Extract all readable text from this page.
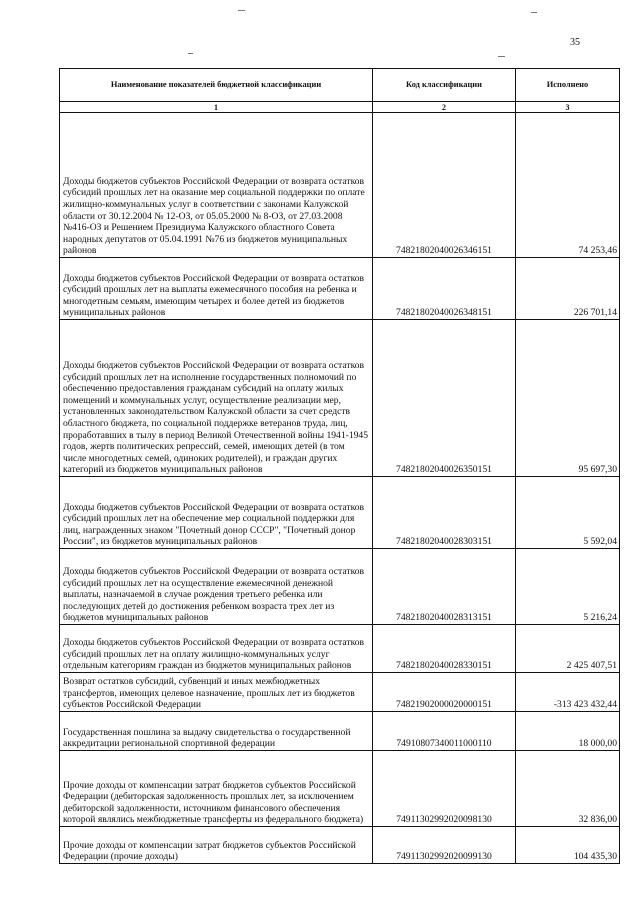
35
Наименование показателей бюджетной классификации	Код классификации	Исполнено
1	2	3
Доходы бюджетов субъектов Российской Федерации от возврата остатков субсидий прошлых лет на оказание мер социальной поддержки по оплате жилищно-коммунальных услуг в соответствии с законами Калужской области от 30.12.2004 № 12-ОЗ, от 05.05.2000 № 8-ОЗ, от 27.03.2008 №416-ОЗ и Решением Президиума Калужского областного Совета народных депутатов от 05.04.1991 №76 из бюджетов муниципальных районов	74821802040026346151	74 253,46
Доходы бюджетов субъектов Российской Федерации от возврата остатков субсидий прошлых лет на выплаты ежемесячного пособия на ребенка и многодетным семьям, имеющим четырех и более детей из бюджетов муниципальных районов	74821802040026348151	226 701,14
Доходы бюджетов субъектов Российской Федерации от возврата остатков субсидий прошлых лет на исполнение государственных полномочий по обеспечению предоставления гражданам субсидий на оплату жилых помещений и коммунальных услуг, осуществление реализации мер, установленных законодательством Калужской области за счет средств областного бюджета, по социальной поддержке ветеранов труда, лиц, проработавших в тылу в период Великой Отечественной войны 1941-1945 годов, жертв политических репрессий, семей, имеющих детей (в том числе многодетных семей, одиноких родителей), и граждан других категорий из бюджетов муниципальных районов	74821802040026350151	95 697,30
Доходы бюджетов субъектов Российской Федерации от возврата остатков субсидий прошлых лет на обеспечение мер социальной поддержки для лиц, награжденных знаком "Почетный донор СССР", "Почетный донор России", из бюджетов муниципальных районов	74821802040028303151	5 592,04
Доходы бюджетов субъектов Российской Федерации от возврата остатков субсидий прошлых лет на осуществление ежемесячной денежной выплаты, назначаемой в случае рождения третьего ребенка или последующих детей до достижения ребенком возраста трех лет из бюджетов муниципальных районов	74821802040028313151	5 216,24
Доходы бюджетов субъектов Российской Федерации от возврата остатков субсидий прошлых лет на оплату жилищно-коммунальных услуг отдельным категориям граждан из бюджетов муниципальных районов	74821802040028330151	2 425 407,51
Возврат остатков субсидий, субвенций и иных межбюджетных трансфертов, имеющих целевое назначение, прошлых лет из бюджетов субъектов Российской Федерации	74821902000020000151	-313 423 432,44
Государственная пошлина за выдачу свидетельства о государственной аккредитации региональной спортивной федерации	74910807340011000110	18 000,00
Прочие доходы от компенсации затрат бюджетов субъектов Российской Федерации (дебиторская задолженность прошлых лет, за исключением дебиторской задолженности, источником финансового обеспечения которой являлись межбюджетные трансферты из федерального бюджета)	74911302992020098130	32 836,00
Прочие доходы от компенсации затрат бюджетов субъектов Российской Федерации (прочие доходы)	74911302992020099130	104 435,30
